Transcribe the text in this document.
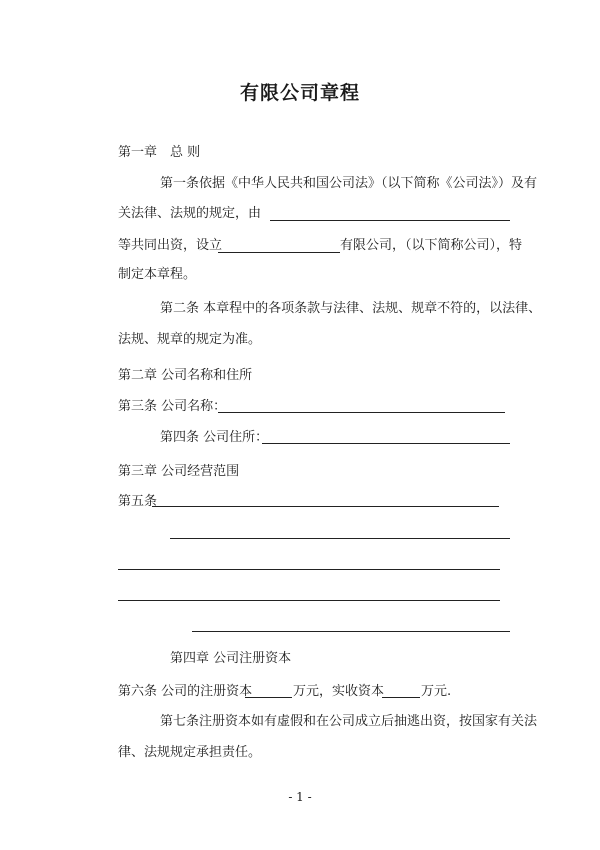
有限公司章程
第一章　总 则
第一条依据《中华人民共和国公司法》（以下简称《公司法》）及有
关法律、法规的规定，由
等共同出资，设立	有限公司，（以下简称公司），特
制定本章程。
第二条 本章程中的各项条款与法律、法规、规章不符的，以法律、
法规、规章的规定为准。
第二章 公司名称和住所
第三条 公司名称：
第四条 公司住所：
第三章 公司经营范围
第五条
第四章 公司注册资本
第六条 公司的注册资本	万元，实收资本	万元.
第七条注册资本如有虚假和在公司成立后抽逃出资，按国家有关法
律、法规规定承担责任。
- 1 -
